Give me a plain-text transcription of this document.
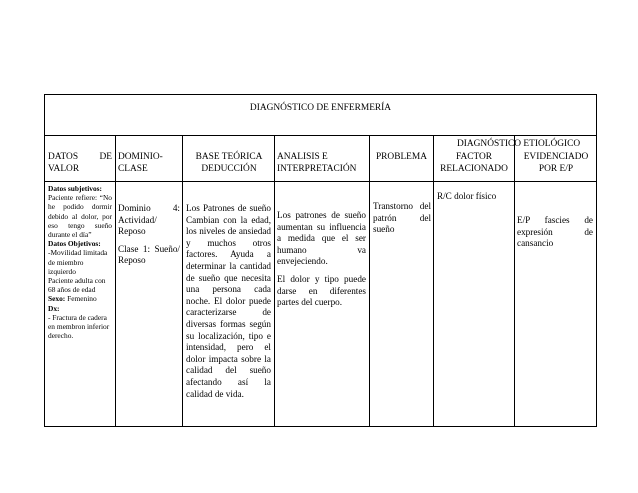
DIAGNÓSTICO DE ENFERMERÍA
DIAGNÓSTICO ETIOLÓGICO
DATOS DE VALOR
DOMINIO-CLASE
BASE TEÓRICA DEDUCCIÓN
ANALISIS E INTERPRETACIÓN
PROBLEMA	FACTOR RELACIONADO
EVIDENCIADO POR E/P
Datos subjetivos:
Paciente refiere: “No he podido dormir debido al dolor, por eso tengo sueño durante el día”
Datos Objetivos:
-Movilidad limitada de miembro izquierdo
Paciente adulta con 68 años de edad
Sexo: Femenino
Dx:
- Fractura de cadera en membron inferior derecho.
Dominio 4: Actividad/ Reposo
Clase 1: Sueño/ Reposo
Los Patrones de sueño Cambian con la edad, los niveles de ansiedad y muchos otros factores. Ayuda a determinar la cantidad de sueño que necesita una persona cada noche. El dolor puede caracterizarse de diversas formas según su localización, tipo e intensidad, pero el dolor impacta sobre la calidad del sueño afectando así la calidad de vida.
Los patrones de sueño aumentan su influencia a medida que el ser humano va envejeciendo.
El dolor y tipo puede darse en diferentes partes del cuerpo.
Transtorno del patrón del sueño
R/C dolor físico
E/P fascies de expresión de cansancio
